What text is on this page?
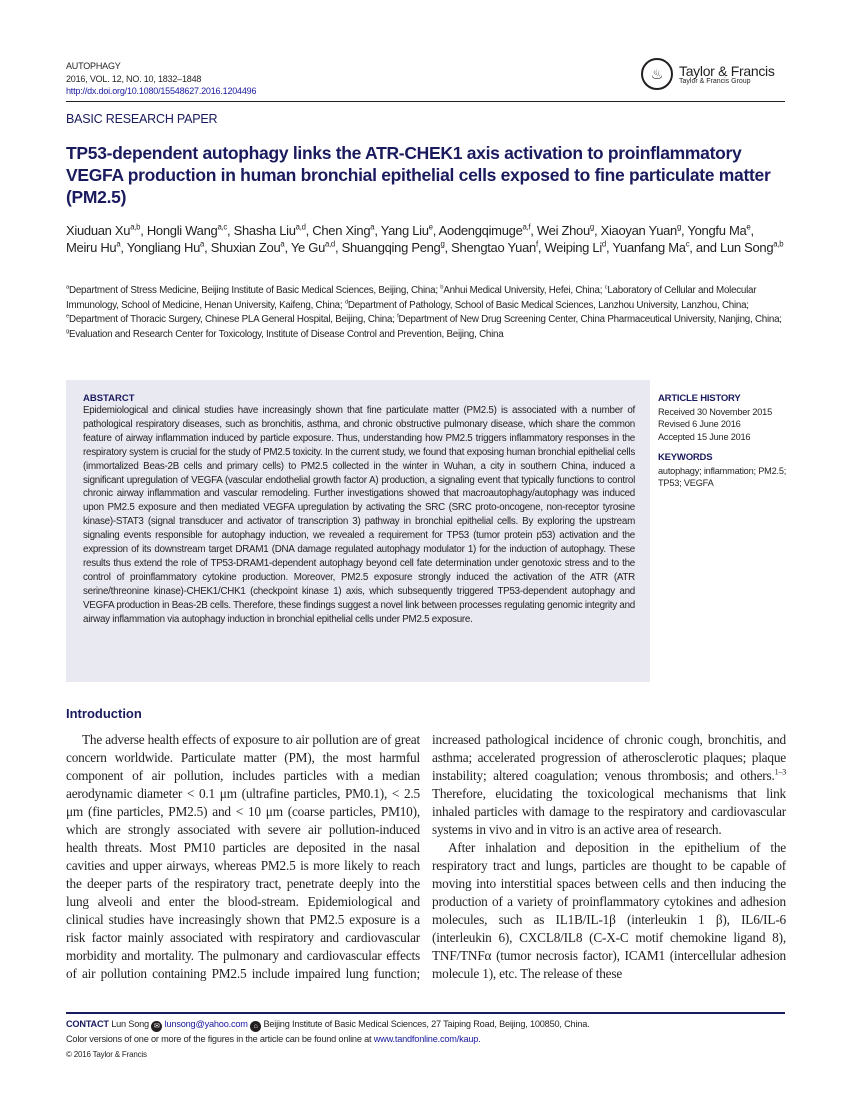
AUTOPHAGY
2016, VOL. 12, NO. 10, 1832–1848
http://dx.doi.org/10.1080/15548627.2016.1204496
♨	Taylor & Francis
Taylor & Francis Group
BASIC RESEARCH PAPER
TP53-dependent autophagy links the ATR-CHEK1 axis activation to proinflammatory VEGFA production in human bronchial epithelial cells exposed to fine particulate matter (PM2.5)
Xiuduan Xu$^{a,b}$, Hongli Wang$^{a,c}$, Shasha Liu$^{a,d}$, Chen Xing$^a$, Yang Liu$^e$, Aodengqimuge$^{a,f}$, Wei Zhou$^g$, Xiaoyan Yuan$^g$, Yongfu Ma$^e$, Meiru Hu$^a$, Yongliang Hu$^a$, Shuxian Zou$^a$, Ye Gu$^{a,d}$, Shuangqing Peng$^g$, Shengtao Yuan$^f$, Weiping Li$^d$, Yuanfang Ma$^c$, and Lun Song$^{a,b}$
$^a$Department of Stress Medicine, Beijing Institute of Basic Medical Sciences, Beijing, China; $^b$Anhui Medical University, Hefei, China; $^c$Laboratory of Cellular and Molecular Immunology, School of Medicine, Henan University, Kaifeng, China; $^d$Department of Pathology, School of Basic Medical Sciences, Lanzhou University, Lanzhou, China; $^e$Department of Thoracic Surgery, Chinese PLA General Hospital, Beijing, China; $^f$Department of New Drug Screening Center, China Pharmaceutical University, Nanjing, China; $^g$Evaluation and Research Center for Toxicology, Institute of Disease Control and Prevention, Beijing, China
ABSTARCT

Epidemiological and clinical studies have increasingly shown that fine particulate matter (PM2.5) is associated with a number of pathological respiratory diseases, such as bronchitis, asthma, and chronic obstructive pulmonary disease, which share the common feature of airway inflammation induced by particle exposure. Thus, understanding how PM2.5 triggers inflammatory responses in the respiratory system is crucial for the study of PM2.5 toxicity. In the current study, we found that exposing human bronchial epithelial cells (immortalized Beas-2B cells and primary cells) to PM2.5 collected in the winter in Wuhan, a city in southern China, induced a significant upregulation of VEGFA (vascular endothelial growth factor A) production, a signaling event that typically functions to control chronic airway inflammation and vascular remodeling. Further investigations showed that macroautophagy/autophagy was induced upon PM2.5 exposure and then mediated VEGFA upregulation by activating the SRC (SRC proto-oncogene, non-receptor tyrosine kinase)-STAT3 (signal transducer and activator of transcription 3) pathway in bronchial epithelial cells. By exploring the upstream signaling events responsible for autophagy induction, we revealed a requirement for TP53 (tumor protein p53) activation and the expression of its downstream target DRAM1 (DNA damage regulated autophagy modulator 1) for the induction of autophagy. These results thus extend the role of TP53-DRAM1-dependent autophagy beyond cell fate determination under genotoxic stress and to the control of proinflammatory cytokine production. Moreover, PM2.5 exposure strongly induced the activation of the ATR (ATR serine/threonine kinase)-CHEK1/CHK1 (checkpoint kinase 1) axis, which subsequently triggered TP53-dependent autophagy and VEGFA production in Beas-2B cells. Therefore, these findings suggest a novel link between processes regulating genomic integrity and airway inflammation via autophagy induction in bronchial epithelial cells under PM2.5 exposure.

ARTICLE HISTORY
Received 30 November 2015
Revised 6 June 2016
Accepted 15 June 2016
KEYWORDS
autophagy; inflammation; PM2.5; TP53; VEGFA
Introduction

The adverse health effects of exposure to air pollution are of great concern worldwide. Particulate matter (PM), the most harmful component of air pollution, includes particles with a median aerodynamic diameter < 0.1 μm (ultrafine particles, PM0.1), < 2.5 μm (fine particles, PM2.5) and < 10 μm (coarse particles, PM10), which are strongly associated with severe air pollution-induced health threats. Most PM10 particles are deposited in the nasal cavities and upper airways, whereas PM2.5 is more likely to reach the deeper parts of the respiratory tract, penetrate deeply into the lung alveoli and enter the blood-stream. Epidemiological and clinical studies have increasingly shown that PM2.5 exposure is a risk factor mainly associated with respiratory and cardiovascular morbidity and mortality. The pulmonary and cardiovascular effects of air pollution containing PM2.5 include impaired lung function; increased pathological incidence of chronic cough, bronchitis, and asthma; accelerated progression of atherosclerotic plaques; plaque instability; altered coagulation; venous thrombosis; and others.$^{1-3}$ Therefore, elucidating the toxicological mechanisms that link inhaled particles with damage to the respiratory and cardiovascular systems in vivo and in vitro is an active area of research.

After inhalation and deposition in the epithelium of the respiratory tract and lungs, particles are thought to be capable of moving into interstitial spaces between cells and then inducing the production of a variety of proinflammatory cytokines and adhesion molecules, such as IL1B/IL-1β (interleukin 1 β), IL6/IL-6 (interleukin 6), CXCL8/IL8 (C-X-C motif chemokine ligand 8), TNF/TNFα (tumor necrosis factor), ICAM1 (intercellular adhesion molecule 1), etc. The release of these

CONTACT Lun Song ✉ lunsong@yahoo.com ⌂ Beijing Institute of Basic Medical Sciences, 27 Taiping Road, Beijing, 100850, China.
Color versions of one or more of the figures in the article can be found online at www.tandfonline.com/kaup.
© 2016 Taylor & Francis
